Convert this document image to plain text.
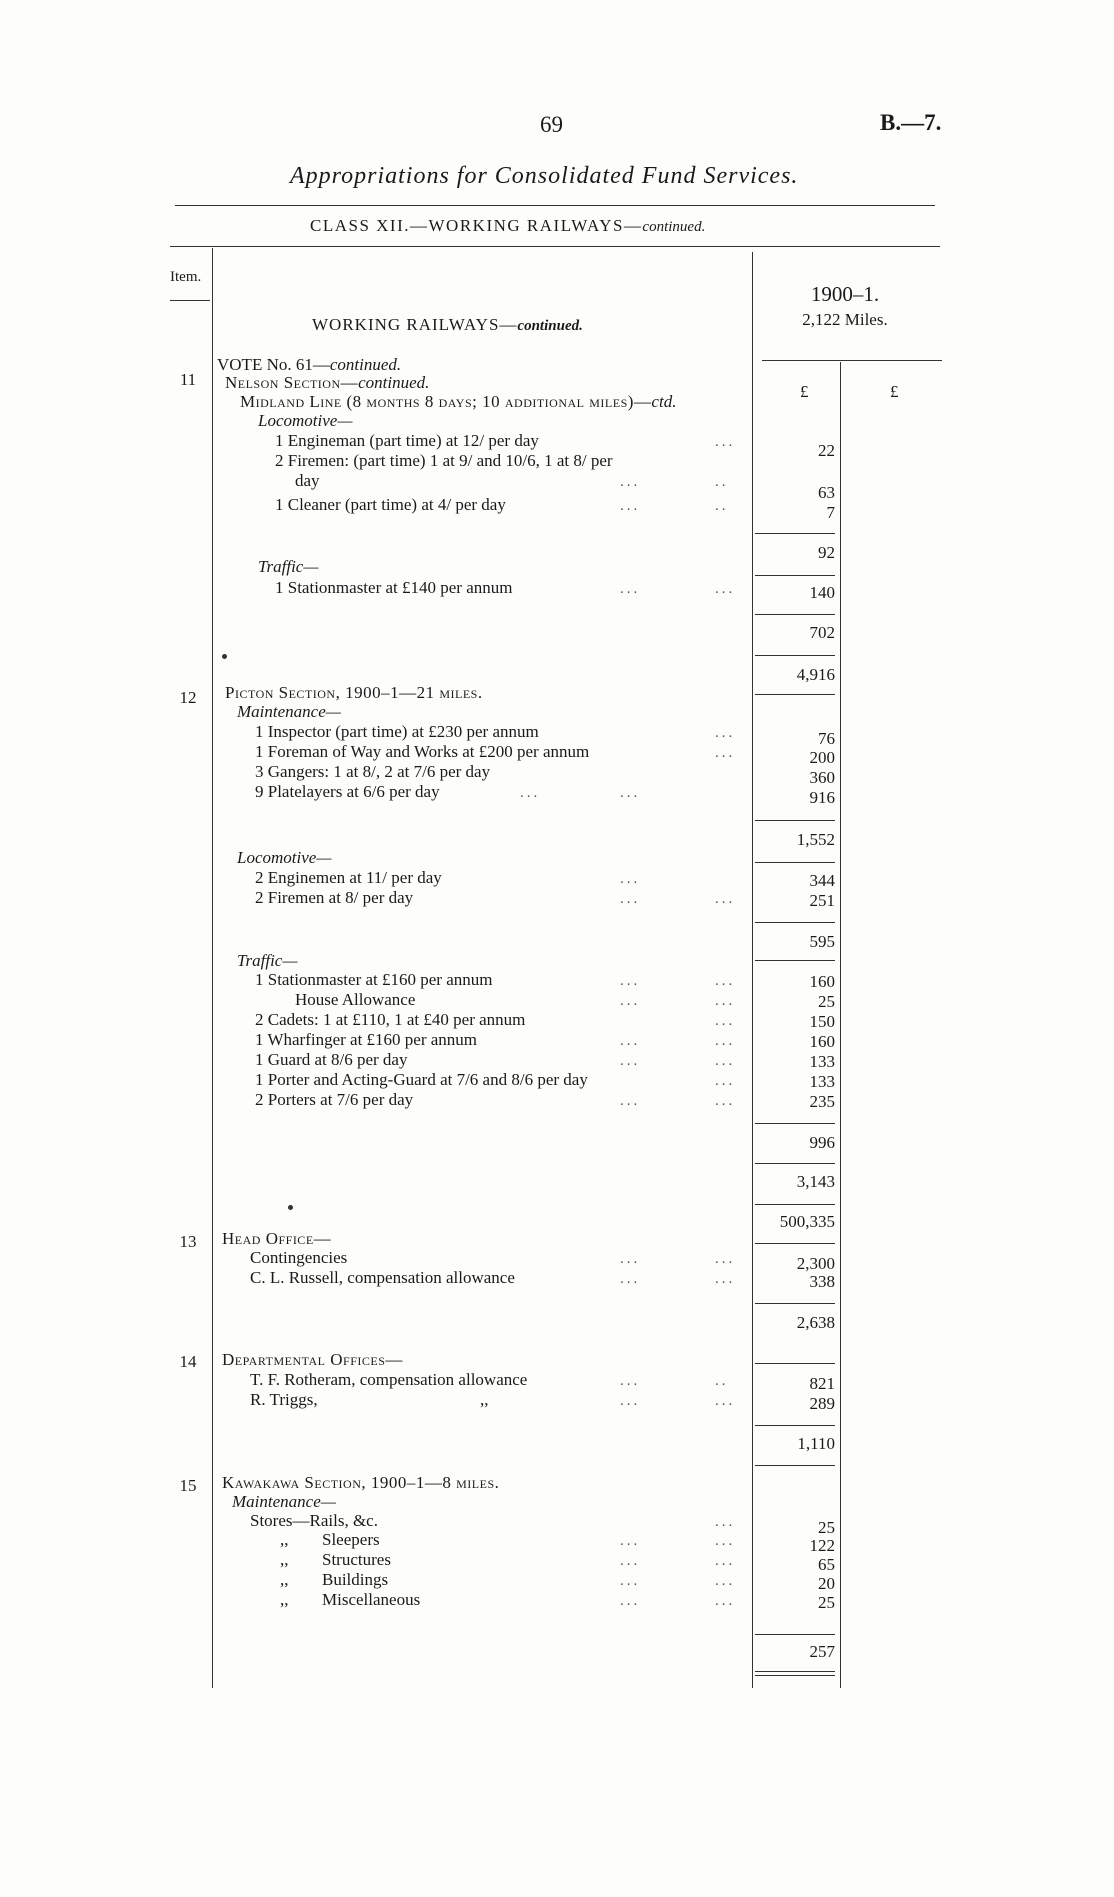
69	B.—7.
Appropriations for Consolidated Fund Services.
CLASS XII.—WORKING RAILWAYS—continued.
Item.
WORKING RAILWAYS—continued.
1900–1.
2,122 Miles.
£	£
11
VOTE No. 61—continued.
Nelson Section—continued.
Midland Line (8 months 8 days; 10 additional miles)—ctd.
Locomotive—
1 Engineman (part time) at 12/ per day	...	22
2 Firemen: (part time) 1 at 9/ and 10/6, 1 at 8/ per
day	...	..
63
1 Cleaner (part time) at 4/ per day	...	..	7
92
Traffic—
1 Stationmaster at £140 per annum	...	...	140
702
4,916
12	Picton Section, 1900–1—21 miles.
Maintenance—
1 Inspector (part time) at £230 per annum	...	76
1 Foreman of Way and Works at £200 per annum	...	200
3 Gangers: 1 at 8/, 2 at 7/6 per day	360
9 Platelayers at 6/6 per day	...	...	916
1,552
Locomotive—
2 Enginemen at 11/ per day	...	344
2 Firemen at 8/ per day	...	...	251
595
Traffic—
1 Stationmaster at £160 per annum	...	...	160
House Allowance	...	...	25
2 Cadets: 1 at £110, 1 at £40 per annum	...	150
1 Wharfinger at £160 per annum	...	...	160
1 Guard at 8/6 per day	...	...	133
1 Porter and Acting-Guard at 7/6 and 8/6 per day	...	133
2 Porters at 7/6 per day	...	...	235
996
3,143
500,335
13	Head Office—
Contingencies	...	...	2,300
C. L. Russell, compensation allowance	...	...	338
2,638
14	Departmental Offices—
T. F. Rotheram, compensation allowance	...	..	821
R. Triggs,	,,	...	...	289
1,110
15	Kawakawa Section, 1900–1—8 miles.
Maintenance—
Stores—Rails, &c.	...	25
,, Sleepers	...	...	122
,, Structures	...	...	65
,, Buildings	...	...	20
,, Miscellaneous	...	...	25
257
